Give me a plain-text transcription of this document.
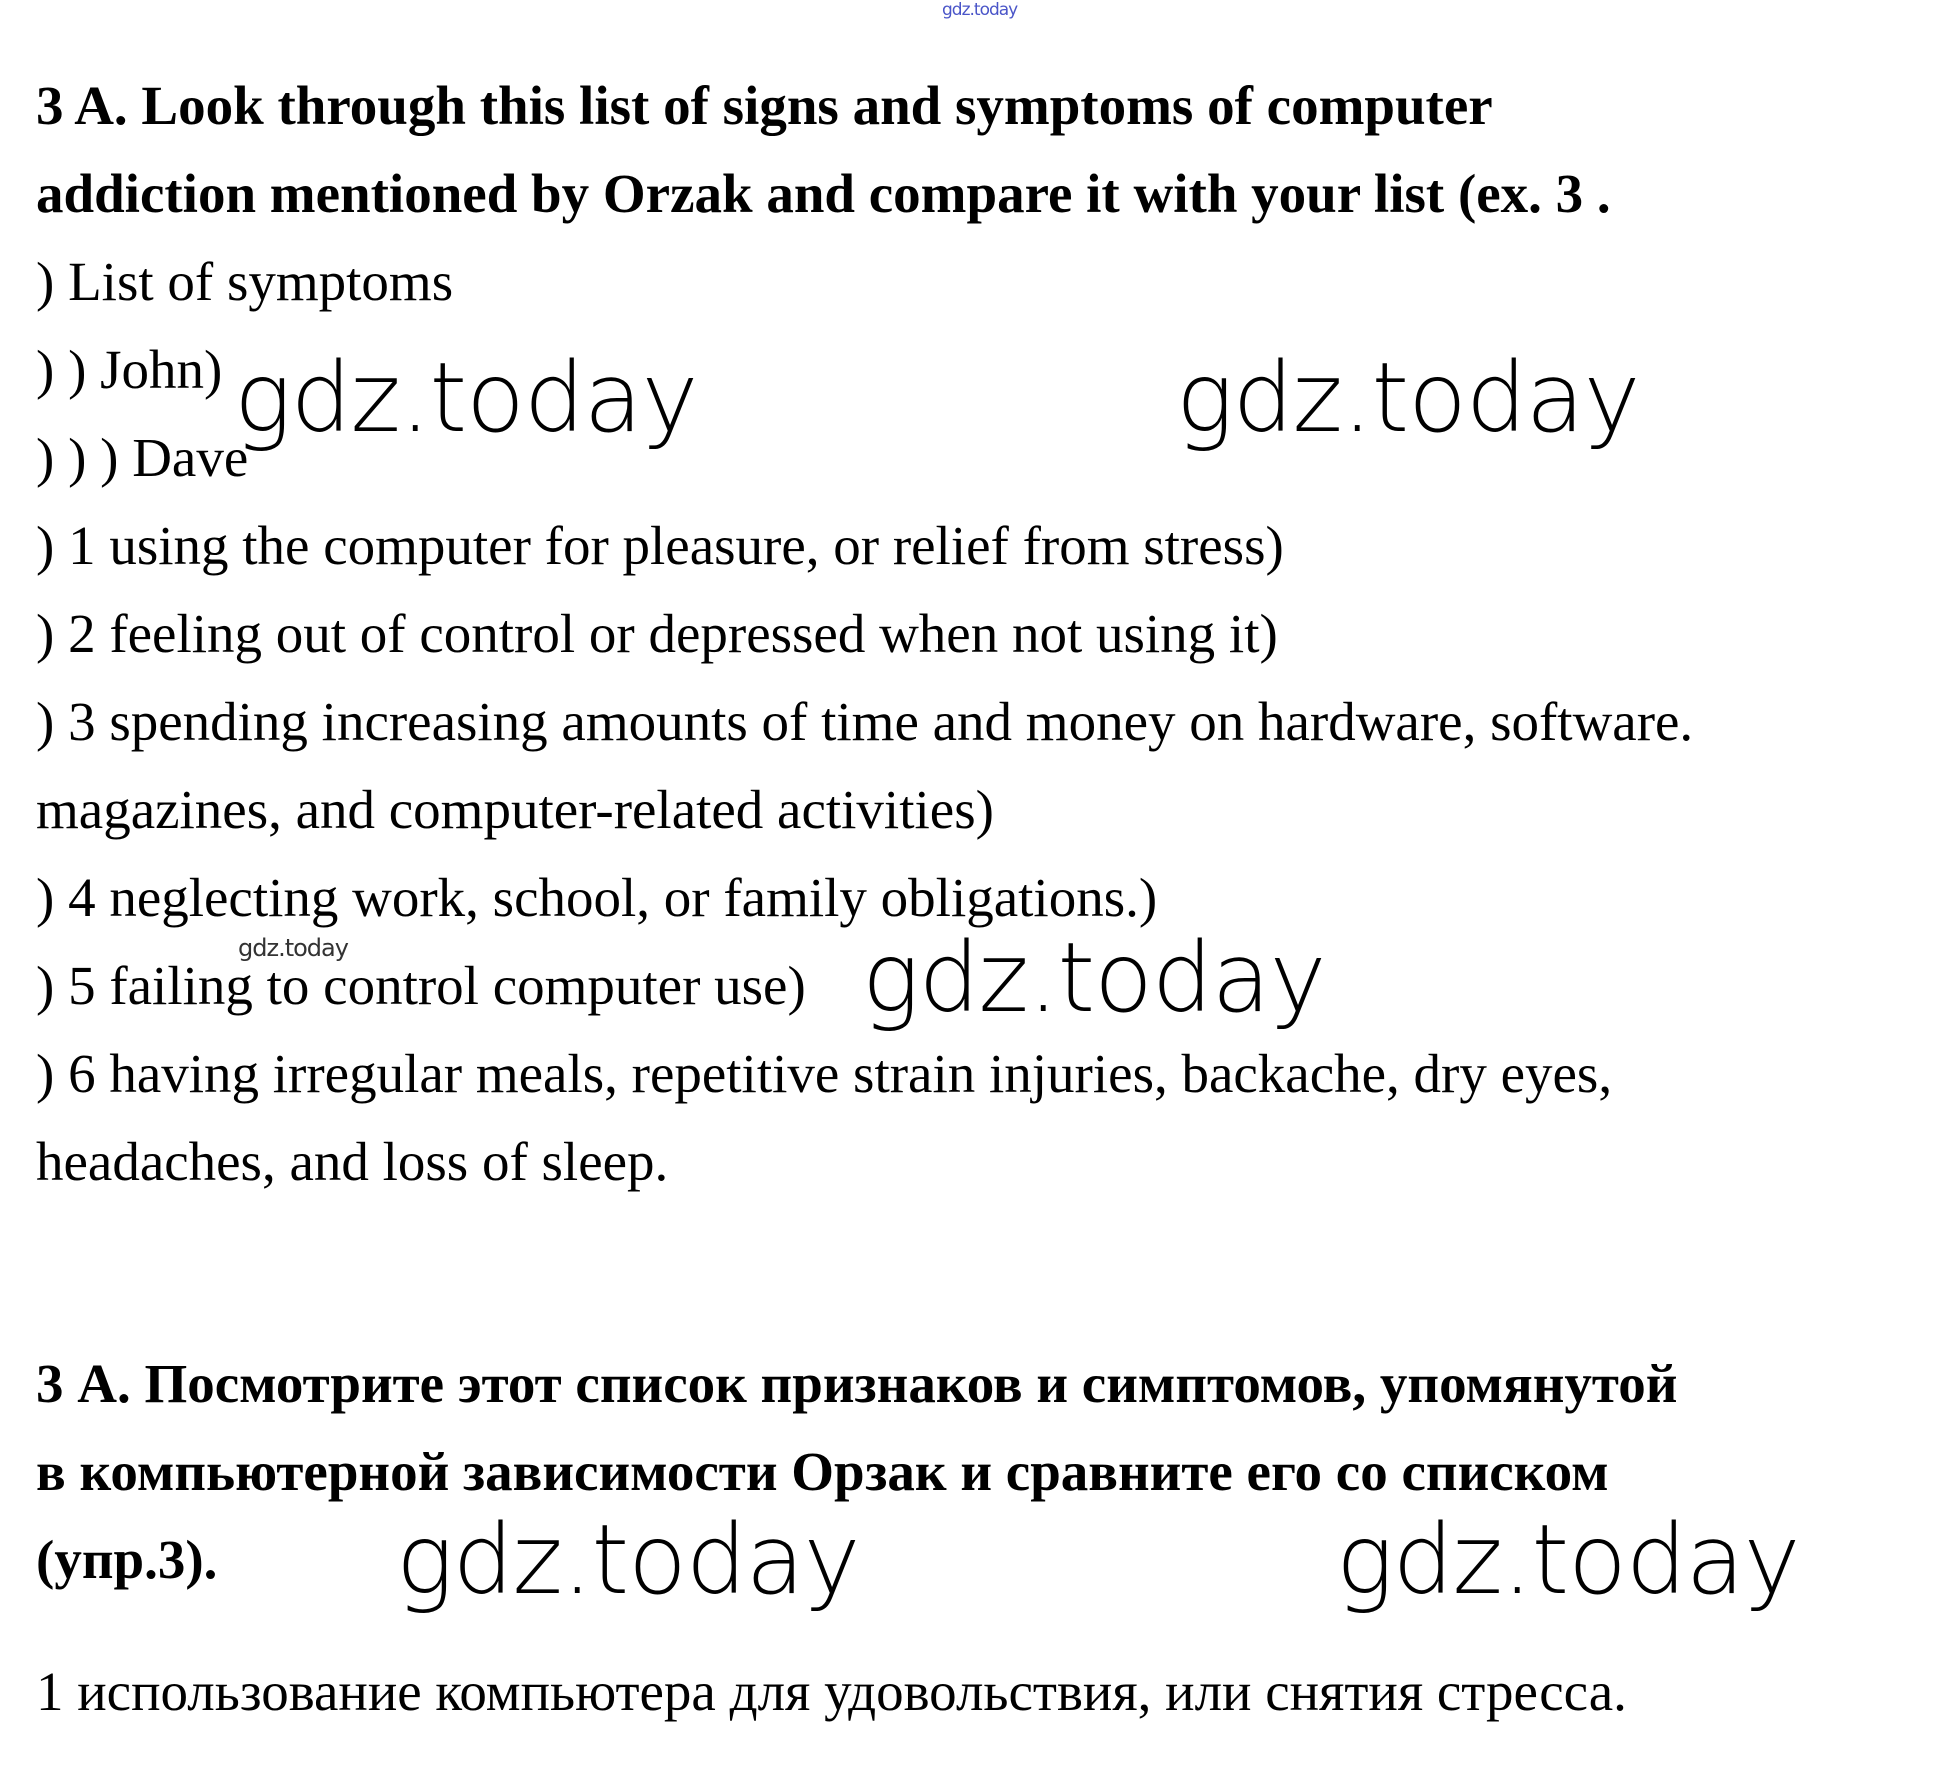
gdz.today
3 A. Look through this list of signs and symptoms of computer
addiction mentioned by Orzak and compare it with your list (ex. 3 .
) List of symptoms
) ) John)
) ) ) Dave
) 1 using the computer for pleasure, or relief from stress)
) 2 feeling out of control or depressed when not using it)
) 3 spending increasing amounts of time and money on hardware, software.
magazines, and computer-related activities)
) 4 neglecting work, school, or family obligations.)
) 5 failing to control computer use)
) 6 having irregular meals, repetitive strain injuries, backache, dry eyes,
headaches, and loss of sleep.
3 А. Посмотрите этот список признаков и симптомов, упомянутой
в компьютерной зависимости Орзак и сравните его со списком
(упр.3).
1 использование компьютера для удовольствия, или снятия стресса.
gdz.today	gdz.today
gdz.today	gdz.today
gdz.today	gdz.today
